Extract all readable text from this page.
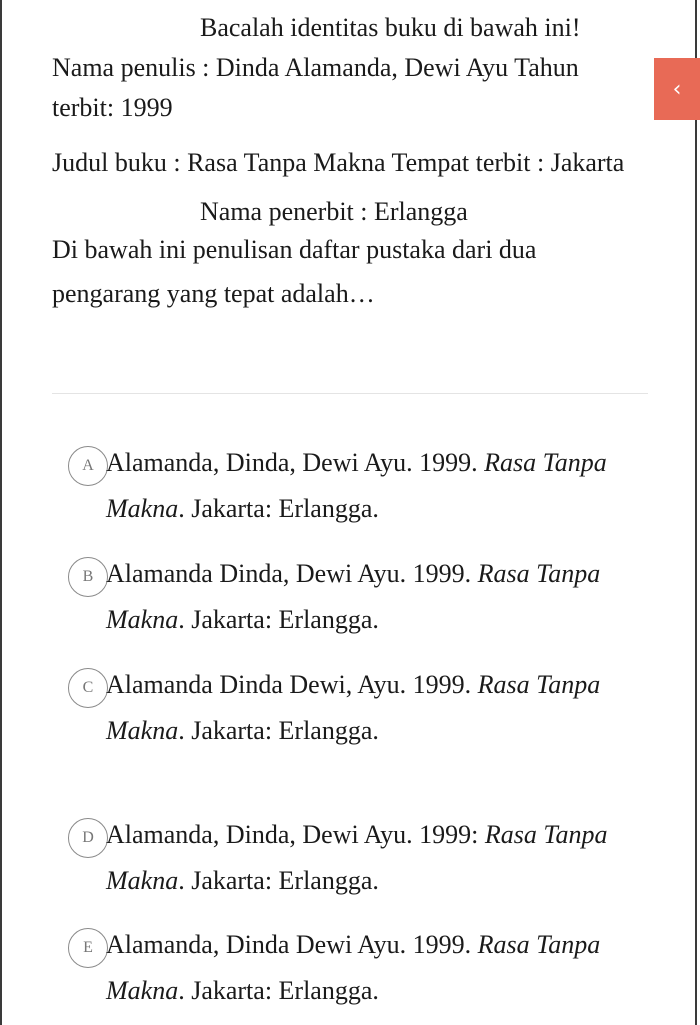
Bacalah identitas buku di bawah ini!
Nama penulis : Dinda Alamanda, Dewi Ayu Tahun
terbit: 1999
Judul buku : Rasa Tanpa Makna Tempat terbit : Jakarta
Nama penerbit : Erlangga
Di bawah ini penulisan daftar pustaka dari dua
pengarang yang tepat adalah…
‹
A Alamanda, Dinda, Dewi Ayu. 1999. Rasa Tanpa
Makna. Jakarta: Erlangga.
B Alamanda Dinda, Dewi Ayu. 1999. Rasa Tanpa
Makna. Jakarta: Erlangga.
C Alamanda Dinda Dewi, Ayu. 1999. Rasa Tanpa
Makna. Jakarta: Erlangga.
D Alamanda, Dinda, Dewi Ayu. 1999: Rasa Tanpa
Makna. Jakarta: Erlangga.
E Alamanda, Dinda Dewi Ayu. 1999. Rasa Tanpa
Makna. Jakarta: Erlangga.
